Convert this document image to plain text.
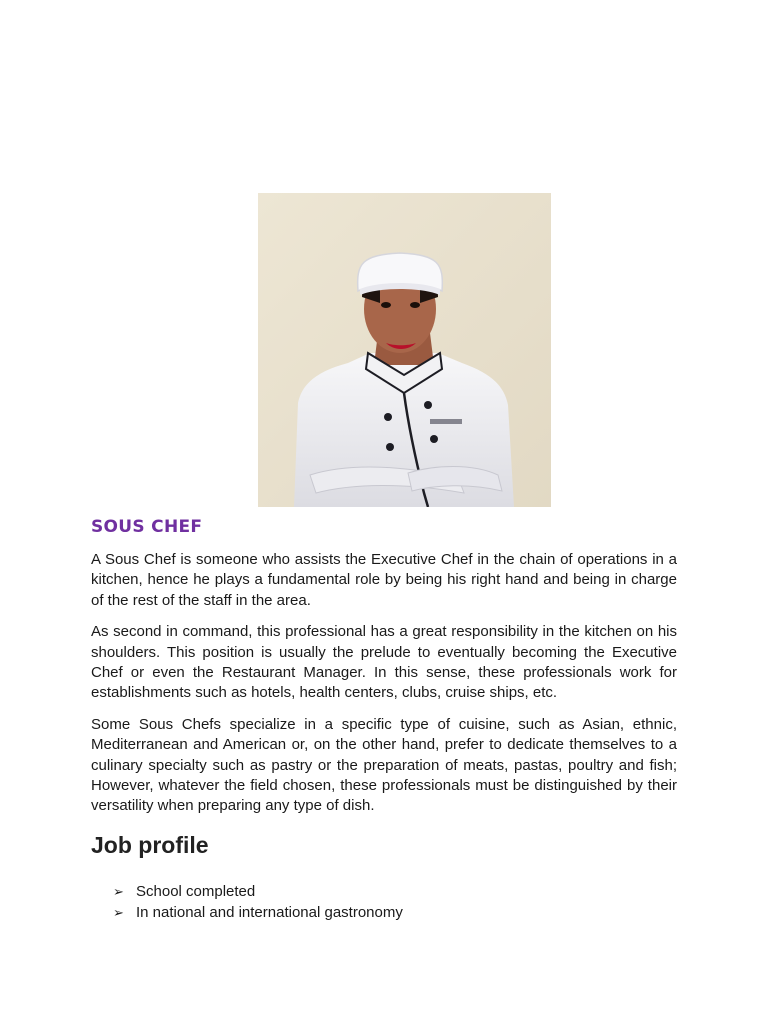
SOUS CHEF

A Sous Chef is someone who assists the Executive Chef in the chain of operations in a kitchen, hence he plays a fundamental role by being his right hand and being in charge of the rest of the staff in the area.

As second in command, this professional has a great responsibility in the kitchen on his shoulders. This position is usually the prelude to eventually becoming the Executive Chef or even the Restaurant Manager. In this sense, these professionals work for establishments such as hotels, health centers, clubs, cruise ships, etc.

Some Sous Chefs specialize in a specific type of cuisine, such as Asian, ethnic, Mediterranean and American or, on the other hand, prefer to dedicate themselves to a culinary specialty such as pastry or the preparation of meats, pastas, poultry and fish; However, whatever the field chosen, these professionals must be distinguished by their versatility when preparing any type of dish.

Job profile
➢ School completed
➢ In national and international gastronomy
